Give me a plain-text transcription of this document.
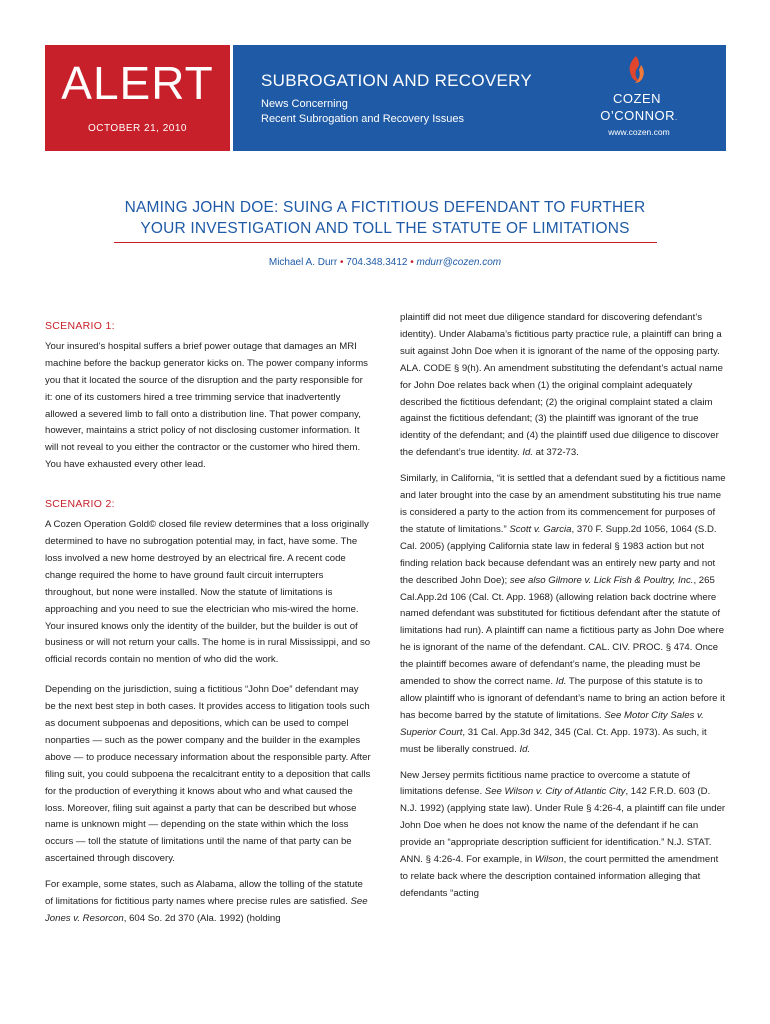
ALERT
OCTOBER 21, 2010
SUBROGATION AND RECOVERY
News Concerning
Recent Subrogation and Recovery Issues
COZEN
O’CONNOR.
www.cozen.com
NAMING JOHN DOE: SUING A FICTITIOUS DEFENDANT TO FURTHER
YOUR INVESTIGATION AND TOLL THE STATUTE OF LIMITATIONS
Michael A. Durr • 704.348.3412 • mdurr@cozen.com
SCENARIO 1:

Your insured’s hospital suffers a brief power outage that damages an MRI machine before the backup generator kicks on. The power company informs you that it located the source of the disruption and the party responsible for it: one of its customers hired a tree trimming service that inadvertently allowed a severed limb to fall onto a distribution line. That power company, however, maintains a strict policy of not disclosing customer information. It will not reveal to you either the contractor or the customer who hired them. You have exhausted every other lead.

SCENARIO 2:

A Cozen Operation Gold© closed file review determines that a loss originally determined to have no subrogation potential may, in fact, have some. The loss involved a new home destroyed by an electrical fire. A recent code change required the home to have ground fault circuit interrupters throughout, but none were installed. Now the statute of limitations is approaching and you need to sue the electrician who mis-wired the home. Your insured knows only the identity of the builder, but the builder is out of business or will not return your calls. The home is in rural Mississippi, and so official records contain no mention of who did the work.

Depending on the jurisdiction, suing a fictitious “John Doe” defendant may be the next best step in both cases. It provides access to litigation tools such as document subpoenas and depositions, which can be used to compel nonparties — such as the power company and the builder in the examples above — to produce necessary information about the responsible party. After filing suit, you could subpoena the recalcitrant entity to a deposition that calls for the production of everything it knows about who and what caused the loss. Moreover, filing suit against a party that can be described but whose name is unknown might — depending on the state within which the loss occurs — toll the statute of limitations until the name of that party can be ascertained through discovery.

For example, some states, such as Alabama, allow the tolling of the statute of limitations for fictitious party names where precise rules are satisfied. See Jones v. Resorcon, 604 So. 2d 370 (Ala. 1992) (holding

plaintiff did not meet due diligence standard for discovering defendant’s identity). Under Alabama’s fictitious party practice rule, a plaintiff can bring a suit against John Doe when it is ignorant of the name of the opposing party. ALA. CODE § 9(h). An amendment substituting the defendant’s actual name for John Doe relates back when (1) the original complaint adequately described the fictitious defendant; (2) the original complaint stated a claim against the fictitious defendant; (3) the plaintiff was ignorant of the true identity of the defendant; and (4) the plaintiff used due diligence to discover the defendant’s true identity. Id. at 372-73.

Similarly, in California, “it is settled that a defendant sued by a fictitious name and later brought into the case by an amendment substituting his true name is considered a party to the action from its commencement for purposes of the statute of limitations.” Scott v. Garcia, 370 F. Supp.2d 1056, 1064 (S.D. Cal. 2005) (applying California state law in federal § 1983 action but not finding relation back because defendant was an entirely new party and not the described John Doe); see also Gilmore v. Lick Fish & Poultry, Inc., 265 Cal.App.2d 106 (Cal. Ct. App. 1968) (allowing relation back doctrine where named defendant was substituted for fictitious defendant after the statute of limitations had run). A plaintiff can name a fictitious party as John Doe where he is ignorant of the name of the defendant. CAL. CIV. PROC. § 474. Once the plaintiff becomes aware of defendant’s name, the pleading must be amended to show the correct name. Id. The purpose of this statute is to allow plaintiff who is ignorant of defendant’s name to bring an action before it has become barred by the statute of limitations. See Motor City Sales v. Superior Court, 31 Cal. App.3d 342, 345 (Cal. Ct. App. 1973). As such, it must be liberally construed. Id.

New Jersey permits fictitious name practice to overcome a statute of limitations defense. See Wilson v. City of Atlantic City, 142 F.R.D. 603 (D. N.J. 1992) (applying state law). Under Rule § 4:26-4, a plaintiff can file under John Doe when he does not know the name of the defendant if he can provide an “appropriate description sufficient for identification.” N.J. STAT. ANN. § 4:26-4. For example, in Wilson, the court permitted the amendment to relate back where the description contained information alleging that defendants “acting
